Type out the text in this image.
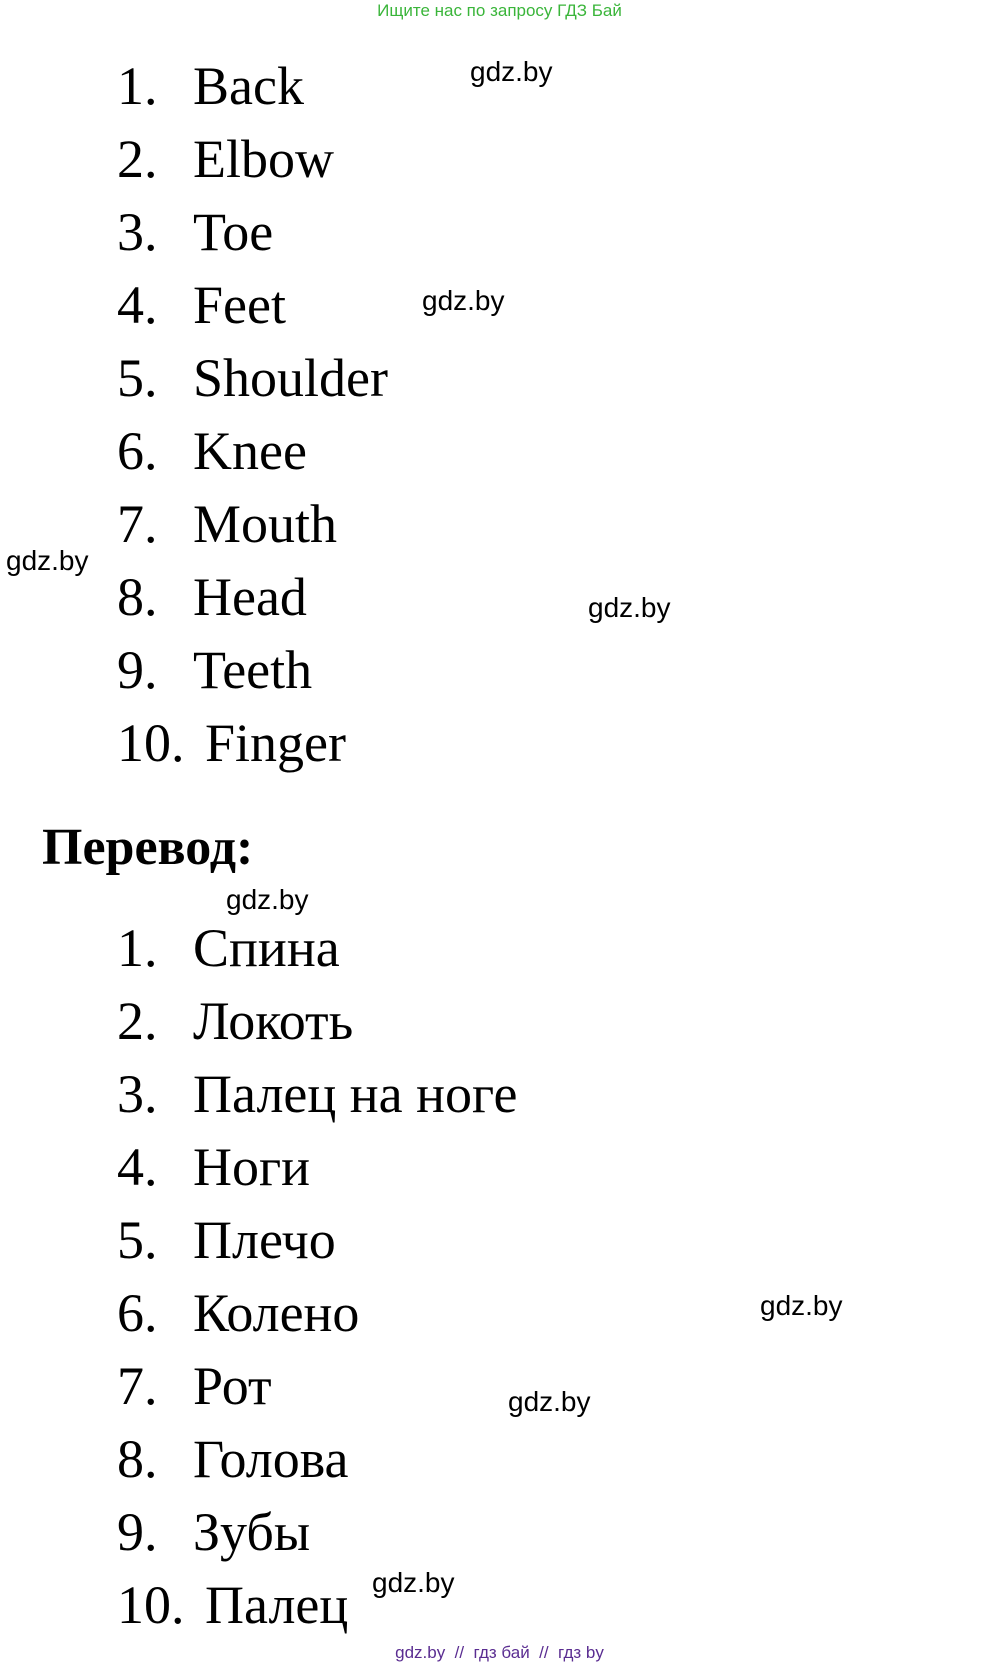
Ищите нас по запросу ГДЗ Бай
1. Back
2. Elbow
3. Toe
4. Feet
5. Shoulder
6. Knee
7. Mouth
8. Head
9. Teeth
10. Finger
Перевод:
1. Спина
2. Локоть
3. Палец на ноге
4. Ноги
5. Плечо
6. Колено
7. Рот
8. Голова
9. Зубы
10. Палец
gdz.by
gdz.by
gdz.by
gdz.by
gdz.by
gdz.by
gdz.by
gdz.by
gdz.by  //  гдз бай  //  гдз by
